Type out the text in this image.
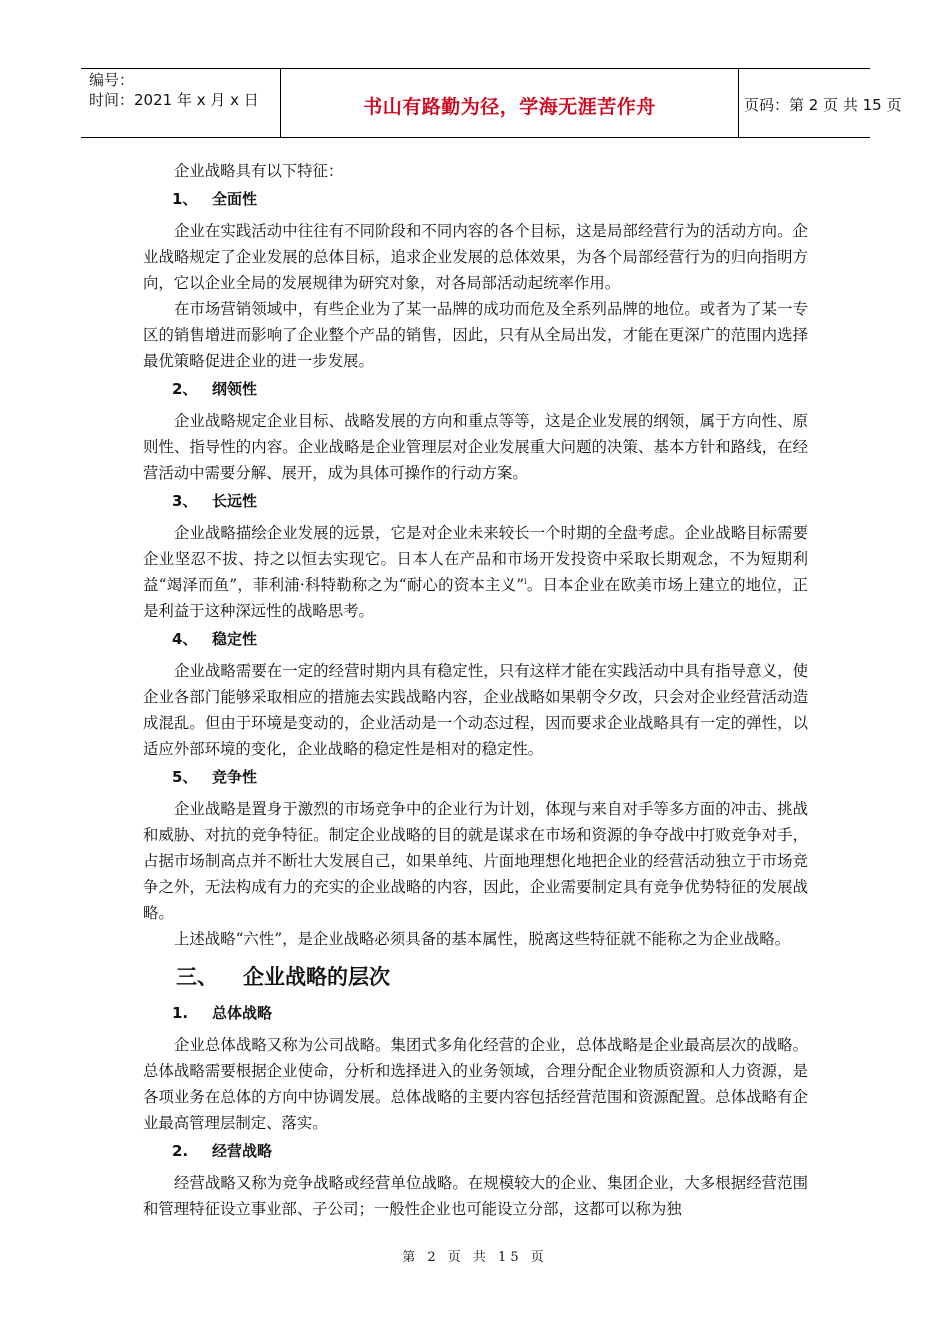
编号：
时间：2021 年 x 月 x 日	书山有路勤为径，学海无涯苦作舟	页码：第 2 页 共 15 页

企业战略具有以下特征：

1、 全面性

企业在实践活动中往往有不同阶段和不同内容的各个目标，这是局部经营行为的活动方向。企业战略规定了企业发展的总体目标，追求企业发展的总体效果，为各个局部经营行为的归向指明方向，它以企业全局的发展规律为研究对象，对各局部活动起统率作用。

在市场营销领域中，有些企业为了某一品牌的成功而危及全系列品牌的地位。或者为了某一专区的销售增进而影响了企业整个产品的销售，因此，只有从全局出发，才能在更深广的范围内选择最优策略促进企业的进一步发展。

2、 纲领性

企业战略规定企业目标、战略发展的方向和重点等等，这是企业发展的纲领，属于方向性、原则性、指导性的内容。企业战略是企业管理层对企业发展重大问题的决策、基本方针和路线，在经营活动中需要分解、展开，成为具体可操作的行动方案。

3、 长远性

企业战略描绘企业发展的远景，它是对企业未来较长一个时期的全盘考虑。企业战略目标需要企业坚忍不拔、持之以恒去实现它。日本人在产品和市场开发投资中采取长期观念，不为短期利益“竭泽而鱼”，菲利浦·科特勒称之为“耐心的资本主义”$^i$。日本企业在欧美市场上建立的地位，正是利益于这种深远性的战略思考。

4、 稳定性

企业战略需要在一定的经营时期内具有稳定性，只有这样才能在实践活动中具有指导意义，使企业各部门能够采取相应的措施去实践战略内容，企业战略如果朝令夕改，只会对企业经营活动造成混乱。但由于环境是变动的，企业活动是一个动态过程，因而要求企业战略具有一定的弹性，以适应外部环境的变化，企业战略的稳定性是相对的稳定性。

5、 竞争性

企业战略是置身于激烈的市场竞争中的企业行为计划，体现与来自对手等多方面的冲击、挑战和威胁、对抗的竞争特征。制定企业战略的目的就是谋求在市场和资源的争夺战中打败竞争对手，占据市场制高点并不断壮大发展自己，如果单纯、片面地理想化地把企业的经营活动独立于市场竞争之外，无法构成有力的充实的企业战略的内容，因此，企业需要制定具有竞争优势特征的发展战略。

上述战略“六性”，是企业战略必须具备的基本属性，脱离这些特征就不能称之为企业战略。

三、 企业战略的层次
1. 总体战略

企业总体战略又称为公司战略。集团式多角化经营的企业，总体战略是企业最高层次的战略。总体战略需要根据企业使命，分析和选择进入的业务领域，合理分配企业物质资源和人力资源，是各项业务在总体的方向中协调发展。总体战略的主要内容包括经营范围和资源配置。总体战略有企业最高管理层制定、落实。

2. 经营战略

经营战略又称为竞争战略或经营单位战略。在规模较大的企业、集团企业，大多根据经营范围和管理特征设立事业部、子公司；一般性企业也可能设立分部，这都可以称为独

第 2 页 共 15 页
